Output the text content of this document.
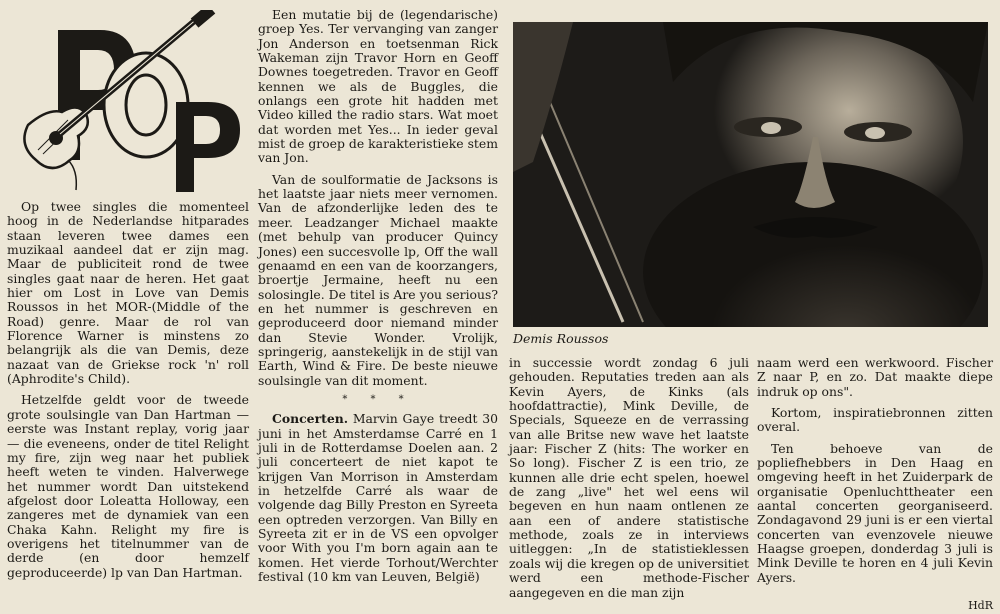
Op twee singles die momenteel hoog in de Nederlandse hitparades staan leveren twee dames een muzikaal aandeel dat er zijn mag. Maar de publiciteit rond de twee singles gaat naar de heren. Het gaat hier om Lost in Love van Demis Roussos in het MOR-(Middle of the Road) genre. Maar de rol van Florence Warner is minstens zo belangrijk als die van Demis, deze nazaat van de Griekse rock 'n' roll (Aphrodite's Child).

Hetzelfde geldt voor de tweede grote soulsingle van Dan Hartman — eerste was Instant replay, vorig jaar — die eveneens, onder de titel Relight my fire, zijn weg naar het publiek heeft weten te vinden. Halverwege het nummer wordt Dan uitstekend afgelost door Loleatta Holloway, een zangeres met de dynamiek van een Chaka Kahn. Relight my fire is overigens het titelnummer van de derde (en door hemzelf geproduceerde) lp van Dan Hartman.

Een mutatie bij de (legendarische) groep Yes. Ter vervanging van zanger Jon Anderson en toetsenman Rick Wakeman zijn Travor Horn en Geoff Downes toegetreden. Travor en Geoff kennen we als de Buggles, die onlangs een grote hit hadden met Video killed the radio stars. Wat moet dat worden met Yes... In ieder geval mist de groep de karakteristieke stem van Jon.

Van de soulformatie de Jacksons is het laatste jaar niets meer vernomen. Van de afzonderlijke leden des te meer. Leadzanger Michael maakte (met behulp van producer Quincy Jones) een succesvolle lp, Off the wall genaamd en een van de koorzangers, broertje Jermaine, heeft nu een solosingle. De titel is Are you serious? en het nummer is geschreven en geproduceerd door niemand minder dan Stevie Wonder. Vrolijk, springerig, aanstekelijk in de stijl van Earth, Wind & Fire. De beste nieuwe soulsingle van dit moment.

* * *

Concerten. Marvin Gaye treedt 30 juni in het Amsterdamse Carré en 1 juli in de Rotterdamse Doelen aan. 2 juli concerteert de niet kapot te krijgen Van Morrison in Amsterdam in hetzelfde Carré als waar de volgende dag Billy Preston en Syreeta een optreden verzorgen. Van Billy en Syreeta zit er in de VS een opvolger voor With you I'm born again aan te komen. Het vierde Torhout/Werchter festival (10 km van Leuven, België)

Demis Roussos

in successie wordt zondag 6 juli gehouden. Reputaties treden aan als Kevin Ayers, de Kinks (als hoofdattractie), Mink Deville, de Specials, Squeeze en de verrassing van alle Britse new wave het laatste jaar: Fischer Z (hits: The worker en So long). Fischer Z is een trio, ze kunnen alle drie echt spelen, hoewel de zang „live" het wel eens wil begeven en hun naam ontlenen ze aan een of andere statistische methode, zoals ze in interviews uitleggen: „In de statistieklessen zoals wij die kregen op de universitiet werd een methode-Fischer aangegeven en die man zijn

naam werd een werkwoord. Fischer Z naar P, en zo. Dat maakte diepe indruk op ons".

Kortom, inspiratiebronnen zitten overal.

Ten behoeve van de popliefhebbers in Den Haag en omgeving heeft in het Zuiderpark de organisatie Openluchttheater een aantal concerten georganiseerd. Zondagavond 29 juni is er een viertal concerten van evenzovele nieuwe Haagse groepen, donderdag 3 juli is Mink Deville te horen en 4 juli Kevin Ayers.

HdR
